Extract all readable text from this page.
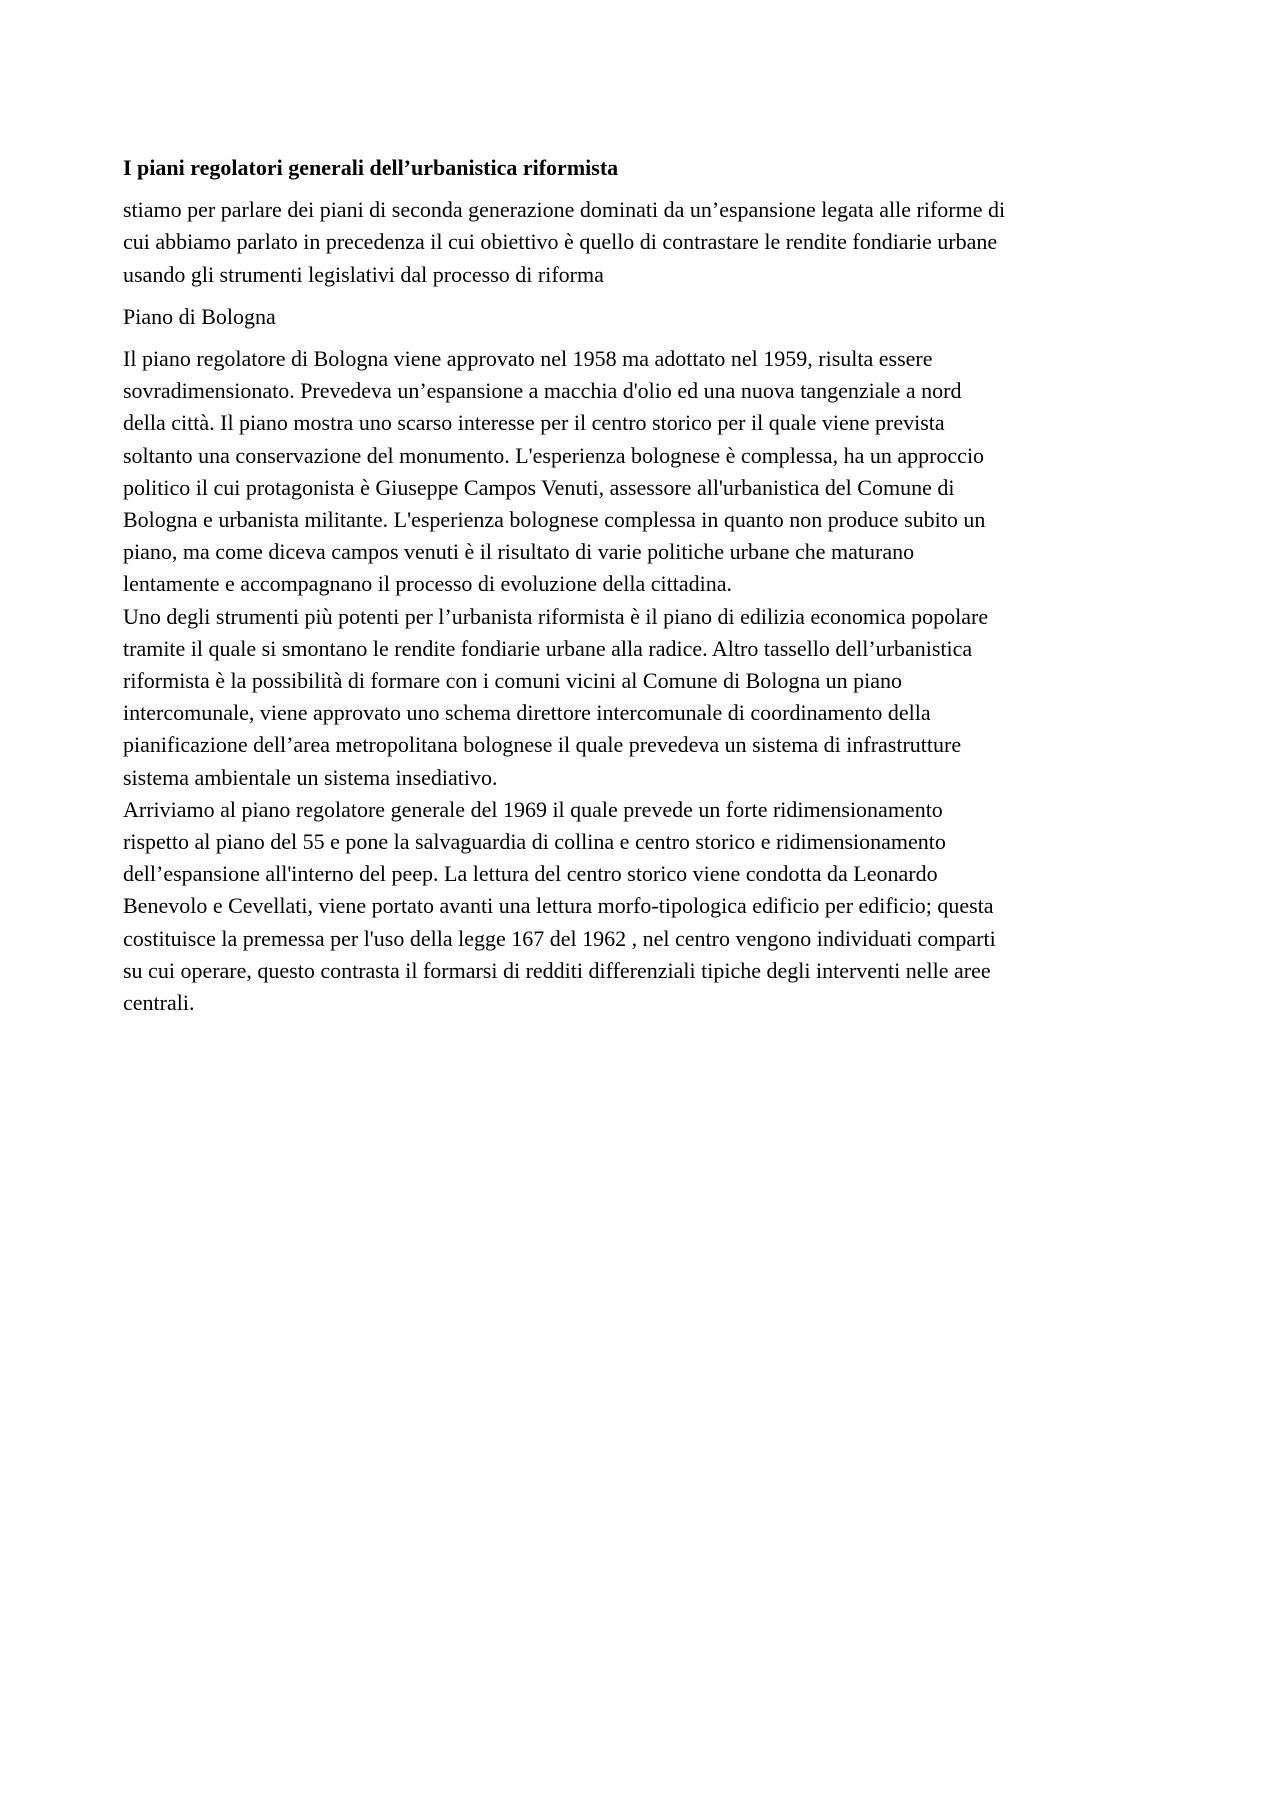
I piani regolatori generali dell’urbanistica riformista
stiamo per parlare dei piani di seconda generazione dominati da un’espansione legata alle riforme di
cui abbiamo parlato in precedenza il cui obiettivo è quello di contrastare le rendite fondiarie urbane
usando gli strumenti legislativi dal processo di riforma
Piano di Bologna
Il piano regolatore di Bologna viene approvato nel 1958 ma adottato nel 1959, risulta essere
sovradimensionato. Prevedeva un’espansione a macchia d'olio ed una nuova tangenziale a nord
della città. Il piano mostra uno scarso interesse per il centro storico per il quale viene prevista
soltanto una conservazione del monumento. L'esperienza bolognese è complessa, ha un approccio
politico il cui protagonista è Giuseppe Campos Venuti, assessore all'urbanistica del Comune di
Bologna e urbanista militante. L'esperienza bolognese complessa in quanto non produce subito un
piano, ma come diceva campos venuti è il risultato di varie politiche urbane che maturano
lentamente e accompagnano il processo di evoluzione della cittadina.
Uno degli strumenti più potenti per l’urbanista riformista è il piano di edilizia economica popolare
tramite il quale si smontano le rendite fondiarie urbane alla radice. Altro tassello dell’urbanistica
riformista è la possibilità di formare con i comuni vicini al Comune di Bologna un piano
intercomunale, viene approvato uno schema direttore intercomunale di coordinamento della
pianificazione dell’area metropolitana bolognese il quale prevedeva un sistema di infrastrutture
sistema ambientale un sistema insediativo.
Arriviamo al piano regolatore generale del 1969 il quale prevede un forte ridimensionamento
rispetto al piano del 55 e pone la salvaguardia di collina e centro storico e ridimensionamento
dell’espansione all'interno del peep. La lettura del centro storico viene condotta da Leonardo
Benevolo e Cevellati, viene portato avanti una lettura morfo-tipologica edificio per edificio; questa
costituisce la premessa per l'uso della legge 167 del 1962 , nel centro vengono individuati comparti
su cui operare, questo contrasta il formarsi di redditi differenziali tipiche degli interventi nelle aree
centrali.
